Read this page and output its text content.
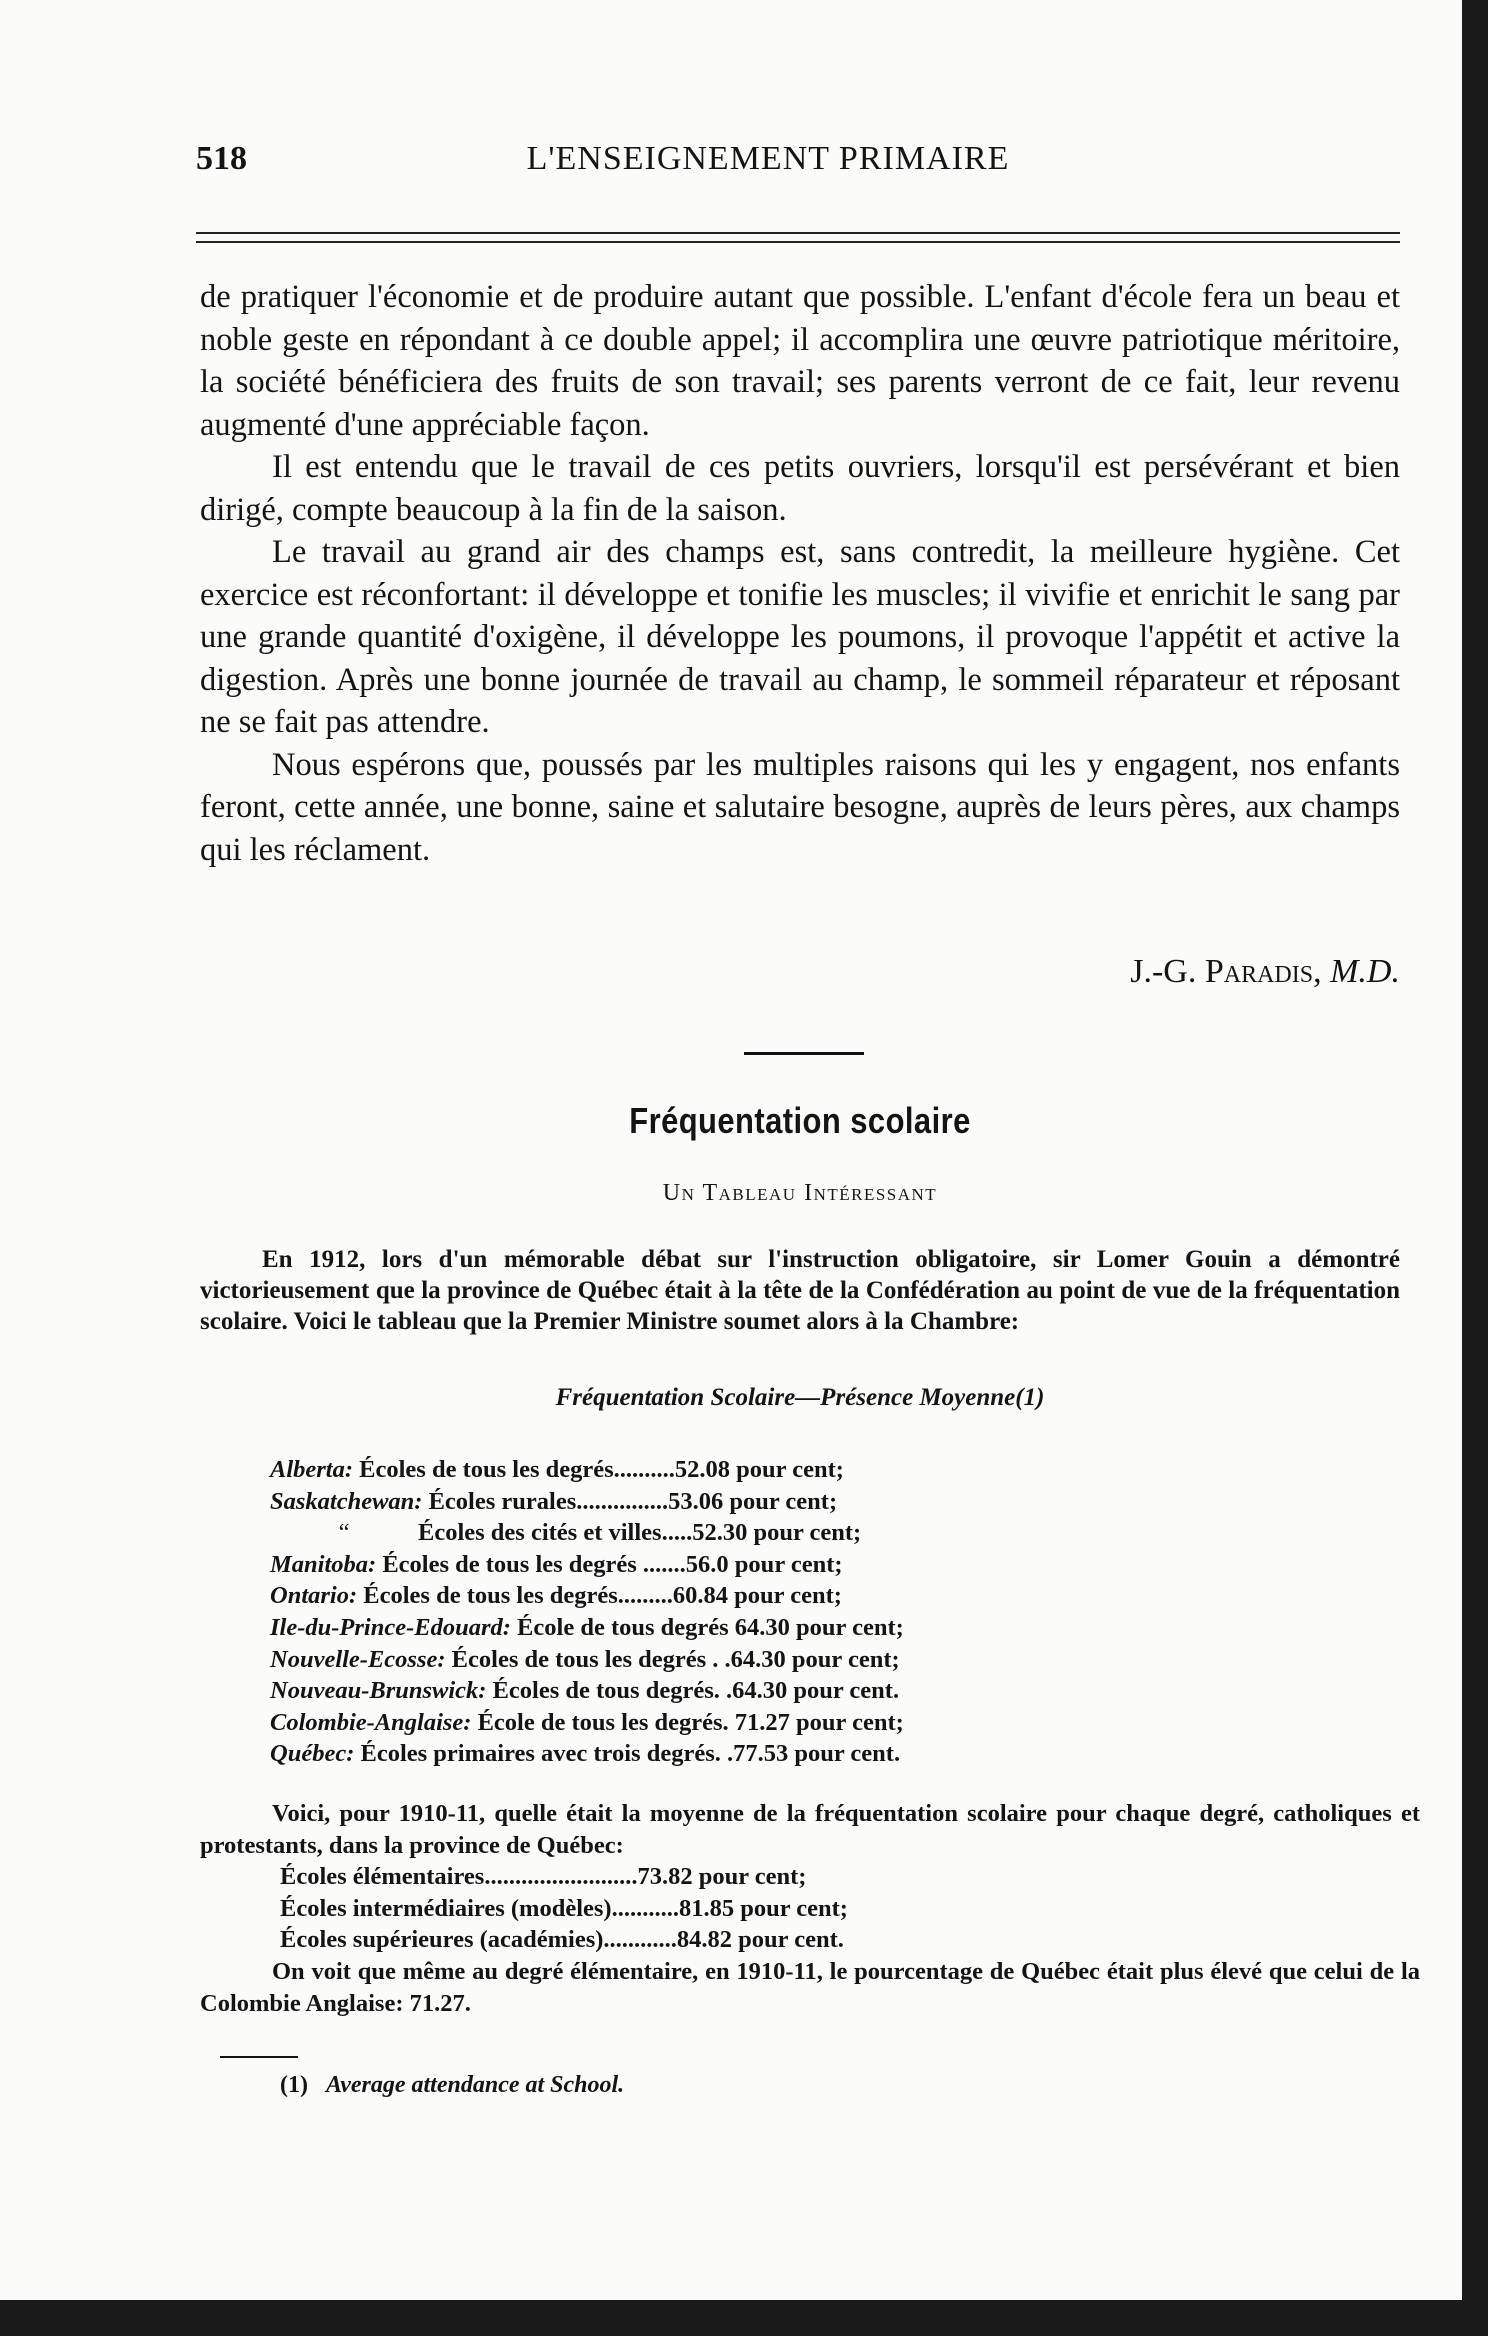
518	L'ENSEIGNEMENT PRIMAIRE

de pratiquer l'économie et de produire autant que possible. L'enfant d'école fera un beau et noble geste en répondant à ce double appel; il accomplira une œuvre patriotique méritoire, la société bénéficiera des fruits de son travail; ses parents verront de ce fait, leur revenu augmenté d'une appréciable façon.

Il est entendu que le travail de ces petits ouvriers, lorsqu'il est persévérant et bien dirigé, compte beaucoup à la fin de la saison.

Le travail au grand air des champs est, sans contredit, la meilleure hygiène. Cet exercice est réconfortant: il développe et tonifie les muscles; il vivifie et enrichit le sang par une grande quantité d'oxigène, il développe les poumons, il provoque l'appétit et active la digestion. Après une bonne journée de travail au champ, le sommeil réparateur et réposant ne se fait pas attendre.

Nous espérons que, poussés par les multiples raisons qui les y engagent, nos enfants feront, cette année, une bonne, saine et salutaire besogne, auprès de leurs pères, aux champs qui les réclament.

J.-G. Paradis, M.D.
Fréquentation scolaire
Un Tableau Intéressant

En 1912, lors d'un mémorable débat sur l'instruction obligatoire, sir Lomer Gouin a démontré victorieusement que la province de Québec était à la tête de la Confédération au point de vue de la fréquentation scolaire. Voici le tableau que la Premier Ministre soumet alors à la Chambre:

Fréquentation Scolaire—Présence Moyenne(1)
Alberta: Écoles de tous les degrés..........52.08 pour cent;
Saskatchewan: Écoles rurales...............53.06 pour cent;
“	Écoles des cités et villes.....52.30 pour cent;
Manitoba: Écoles de tous les degrés .......56.0 pour cent;
Ontario: Écoles de tous les degrés.........60.84 pour cent;
Ile-du-Prince-Edouard: École de tous degrés 64.30 pour cent;
Nouvelle-Ecosse: Écoles de tous les degrés . .64.30 pour cent;
Nouveau-Brunswick: Écoles de tous degrés. .64.30 pour cent.
Colombie-Anglaise: École de tous les degrés. 71.27 pour cent;
Québec: Écoles primaires avec trois degrés. .77.53 pour cent.

Voici, pour 1910-11, quelle était la moyenne de la fréquentation scolaire pour chaque degré, catholiques et protestants, dans la province de Québec:

Écoles élémentaires.........................73.82 pour cent;

Écoles intermédiaires (modèles)...........81.85 pour cent;

Écoles supérieures (académies)............84.82 pour cent.

On voit que même au degré élémentaire, en 1910-11, le pourcentage de Québec était plus élevé que celui de la Colombie Anglaise: 71.27.

(1) Average attendance at School.
